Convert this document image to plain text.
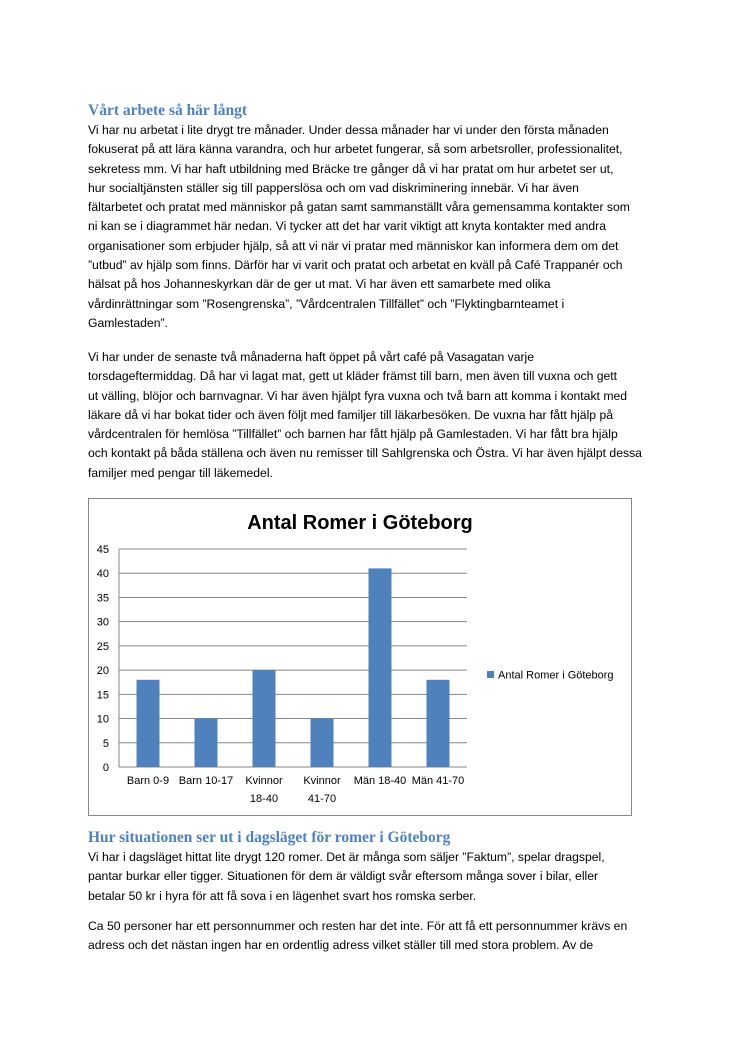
Vårt arbete så här långt

Vi har nu arbetat i lite drygt tre månader. Under dessa månader har vi under den första månaden
fokuserat på att lära känna varandra, och hur arbetet fungerar, så som arbetsroller, professionalitet,
sekretess mm. Vi har haft utbildning med Bräcke tre gånger då vi har pratat om hur arbetet ser ut,
hur socialtjänsten ställer sig till papperslösa och om vad diskriminering innebär. Vi har även
fältarbetet och pratat med människor på gatan samt sammanställt våra gemensamma kontakter som
ni kan se i diagrammet här nedan. Vi tycker att det har varit viktigt att knyta kontakter med andra
organisationer som erbjuder hjälp, så att vi när vi pratar med människor kan informera dem om det
”utbud” av hjälp som finns. Därför har vi varit och pratat och arbetat en kväll på Café Trappanér och
hälsat på hos Johanneskyrkan där de ger ut mat. Vi har även ett samarbete med olika
vårdinrättningar som ”Rosengrenska”, ”Vårdcentralen Tillfället” och ”Flyktingbarnteamet i
Gamlestaden”.

Vi har under de senaste två månaderna haft öppet på vårt café på Vasagatan varje
torsdageftermiddag. Då har vi lagat mat, gett ut kläder främst till barn, men även till vuxna och gett
ut välling, blöjor och barnvagnar. Vi har även hjälpt fyra vuxna och två barn att komma i kontakt med
läkare då vi har bokat tider och även följt med familjer till läkarbesöken. De vuxna har fått hjälp på
vårdcentralen för hemlösa ”Tillfället” och barnen har fått hjälp på Gamlestaden. Vi har fått bra hjälp
och kontakt på båda ställena och även nu remisser till Sahlgrenska och Östra. Vi har även hjälpt dessa
familjer med pengar till läkemedel.

Antal Romer i Göteborg
0
5
10
15
20
25
30
35
40
45
Barn 0-9 Barn 10-17 Kvinnor
18-40
Kvinnor
41-70
Män 18-40 Män 41-70
Antal Romer i Göteborg
Hur situationen ser ut i dagsläget för romer i Göteborg

Vi har i dagsläget hittat lite drygt 120 romer. Det är många som säljer ”Faktum”, spelar dragspel,
pantar burkar eller tigger. Situationen för dem är väldigt svår eftersom många sover i bilar, eller
betalar 50 kr i hyra för att få sova i en lägenhet svart hos romska serber.

Ca 50 personer har ett personnummer och resten har det inte. För att få ett personnummer krävs en
adress och det nästan ingen har en ordentlig adress vilket ställer till med stora problem. Av de
